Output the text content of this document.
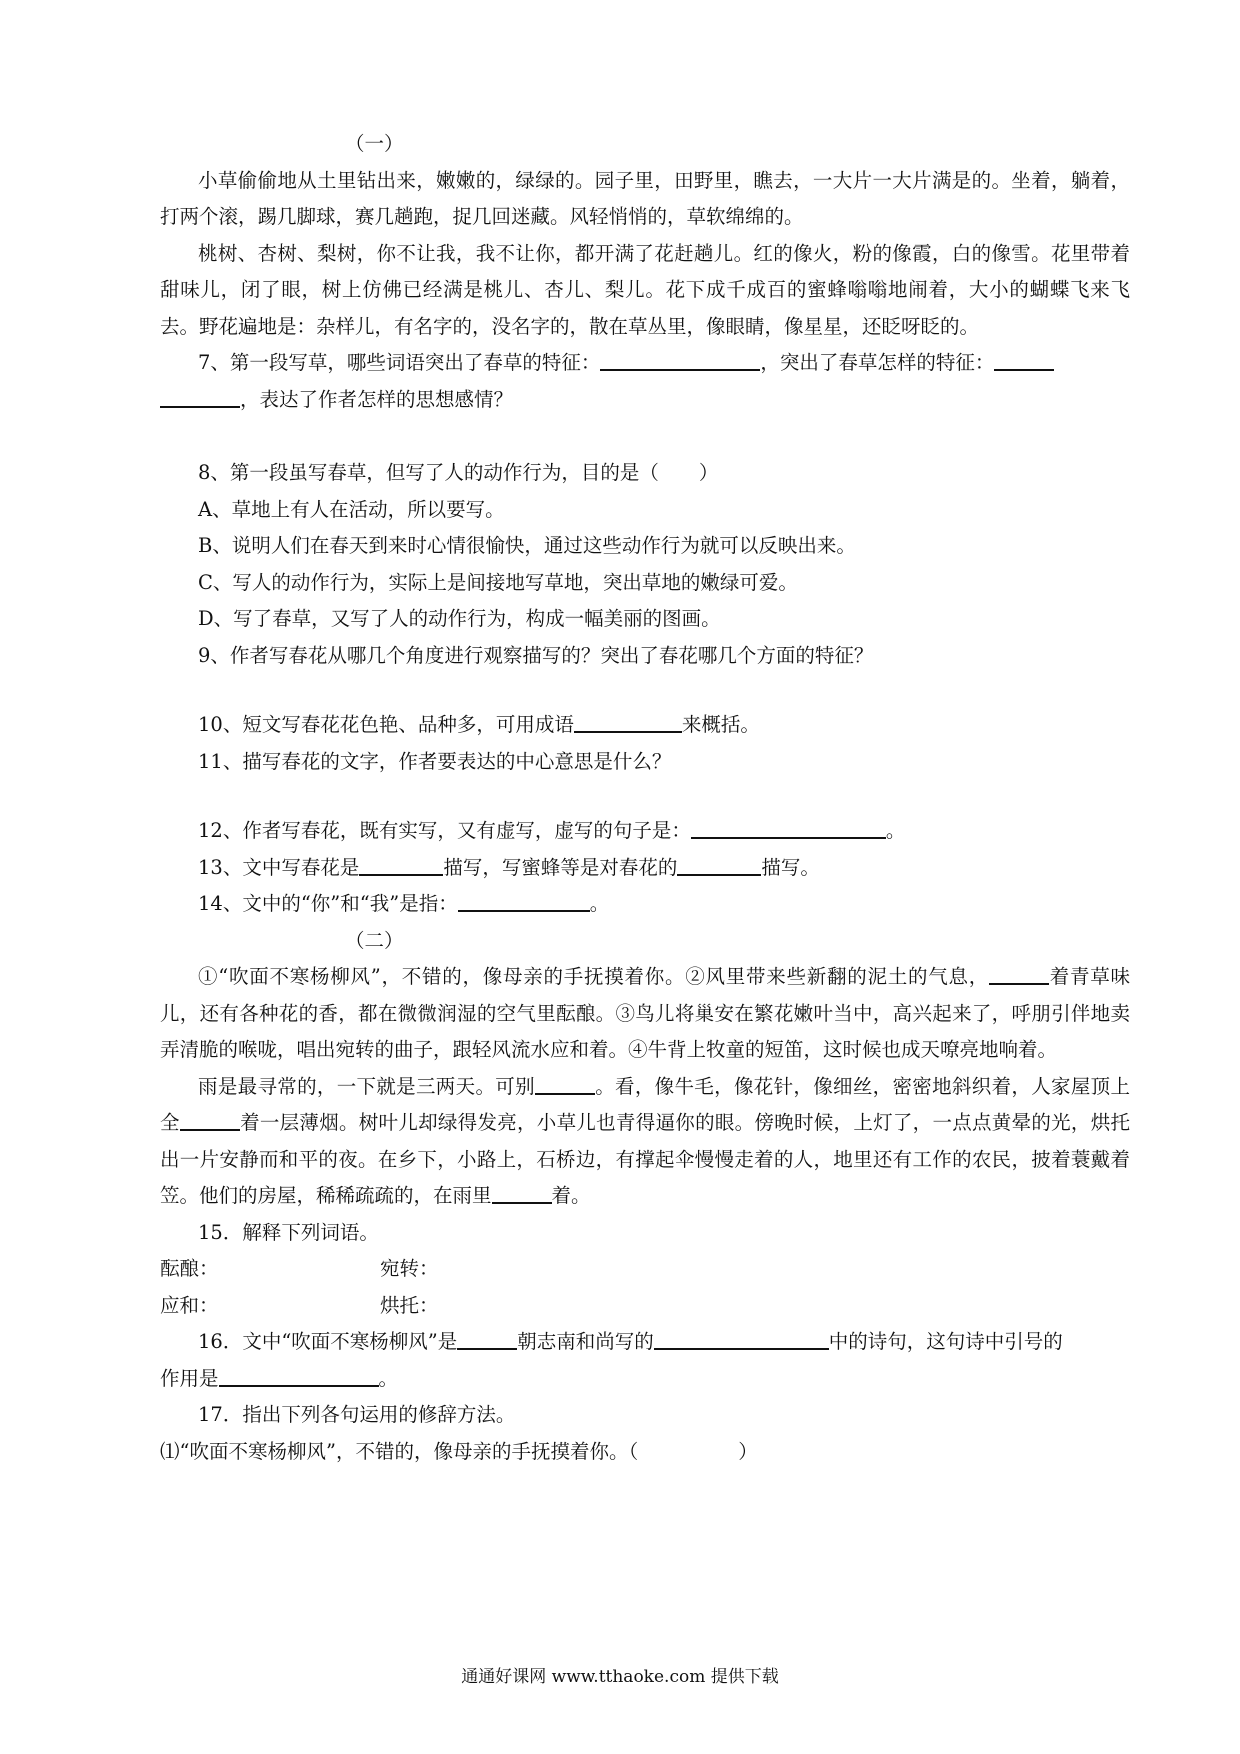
（一）

小草偷偷地从土里钻出来，嫩嫩的，绿绿的。园子里，田野里，瞧去，一大片一大片满是的。坐着，躺着，打两个滚，踢几脚球，赛几趟跑，捉几回迷藏。风轻悄悄的，草软绵绵的。

桃树、杏树、梨树，你不让我，我不让你，都开满了花赶趟儿。红的像火，粉的像霞，白的像雪。花里带着甜味儿，闭了眼，树上仿佛已经满是桃儿、杏儿、梨儿。花下成千成百的蜜蜂嗡嗡地闹着，大小的蝴蝶飞来飞去。野花遍地是：杂样儿，有名字的，没名字的，散在草丛里，像眼睛，像星星，还眨呀眨的。

7、第一段写草，哪些词语突出了春草的特征：	，突出了春草怎样的特征：

，表达了作者怎样的思想感情？

8、第一段虽写春草，但写了人的动作行为，目的是（ ）

A、草地上有人在活动，所以要写。

B、说明人们在春天到来时心情很愉快，通过这些动作行为就可以反映出来。

C、写人的动作行为，实际上是间接地写草地，突出草地的嫩绿可爱。

D、写了春草，又写了人的动作行为，构成一幅美丽的图画。

9、作者写春花从哪几个角度进行观察描写的？突出了春花哪几个方面的特征？

10、短文写春花花色艳、品种多，可用成语	来概括。

11、描写春花的文字，作者要表达的中心意思是什么？

12、作者写春花，既有实写，又有虚写，虚写的句子是：	。

13、文中写春花是	描写，写蜜蜂等是对春花的	描写。

14、文中的“你”和“我”是指：	。

（二）

①“吹面不寒杨柳风”，不错的，像母亲的手抚摸着你。②风里带来些新翻的泥土的气息，	着青草味儿，还有各种花的香，都在微微润湿的空气里酝酿。③鸟儿将巢安在繁花嫩叶当中，高兴起来了，呼朋引伴地卖弄清脆的喉咙，唱出宛转的曲子，跟轻风流水应和着。④牛背上牧童的短笛，这时候也成天嘹亮地响着。

雨是最寻常的，一下就是三两天。可别	。看，像牛毛，像花针，像细丝，密密地斜织着，人家屋顶上全	着一层薄烟。树叶儿却绿得发亮，小草儿也青得逼你的眼。傍晚时候，上灯了，一点点黄晕的光，烘托出一片安静而和平的夜。在乡下，小路上，石桥边，有撑起伞慢慢走着的人，地里还有工作的农民，披着蓑戴着笠。他们的房屋，稀稀疏疏的，在雨里	着。

15．解释下列词语。

酝酿：	宛转：

应和：	烘托：

16．文中“吹面不寒杨柳风”是	朝志南和尚写的	中的诗句，这句诗中引号的

作用是	。

17．指出下列各句运用的修辞方法。

⑴“吹面不寒杨柳风”，不错的，像母亲的手抚摸着你。（	）

通通好课网 www.tthaoke.com 提供下载
